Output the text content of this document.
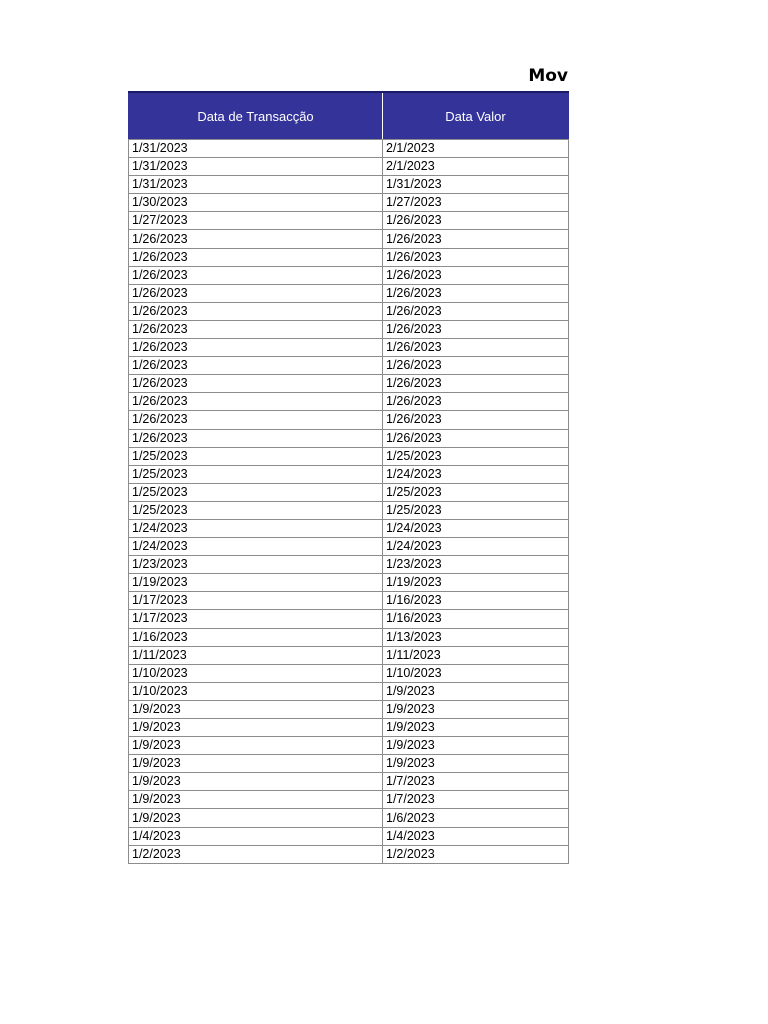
Mov
Data de Transacção	Data Valor

1/31/2023	2/1/2023
1/31/2023	2/1/2023
1/31/2023	1/31/2023
1/30/2023	1/27/2023
1/27/2023	1/26/2023
1/26/2023	1/26/2023
1/26/2023	1/26/2023
1/26/2023	1/26/2023
1/26/2023	1/26/2023
1/26/2023	1/26/2023
1/26/2023	1/26/2023
1/26/2023	1/26/2023
1/26/2023	1/26/2023
1/26/2023	1/26/2023
1/26/2023	1/26/2023
1/26/2023	1/26/2023
1/26/2023	1/26/2023
1/25/2023	1/25/2023
1/25/2023	1/24/2023
1/25/2023	1/25/2023
1/25/2023	1/25/2023
1/24/2023	1/24/2023
1/24/2023	1/24/2023
1/23/2023	1/23/2023
1/19/2023	1/19/2023
1/17/2023	1/16/2023
1/17/2023	1/16/2023
1/16/2023	1/13/2023
1/11/2023	1/11/2023
1/10/2023	1/10/2023
1/10/2023	1/9/2023
1/9/2023	1/9/2023
1/9/2023	1/9/2023
1/9/2023	1/9/2023
1/9/2023	1/9/2023
1/9/2023	1/7/2023
1/9/2023	1/7/2023
1/9/2023	1/6/2023
1/4/2023	1/4/2023
1/2/2023	1/2/2023
